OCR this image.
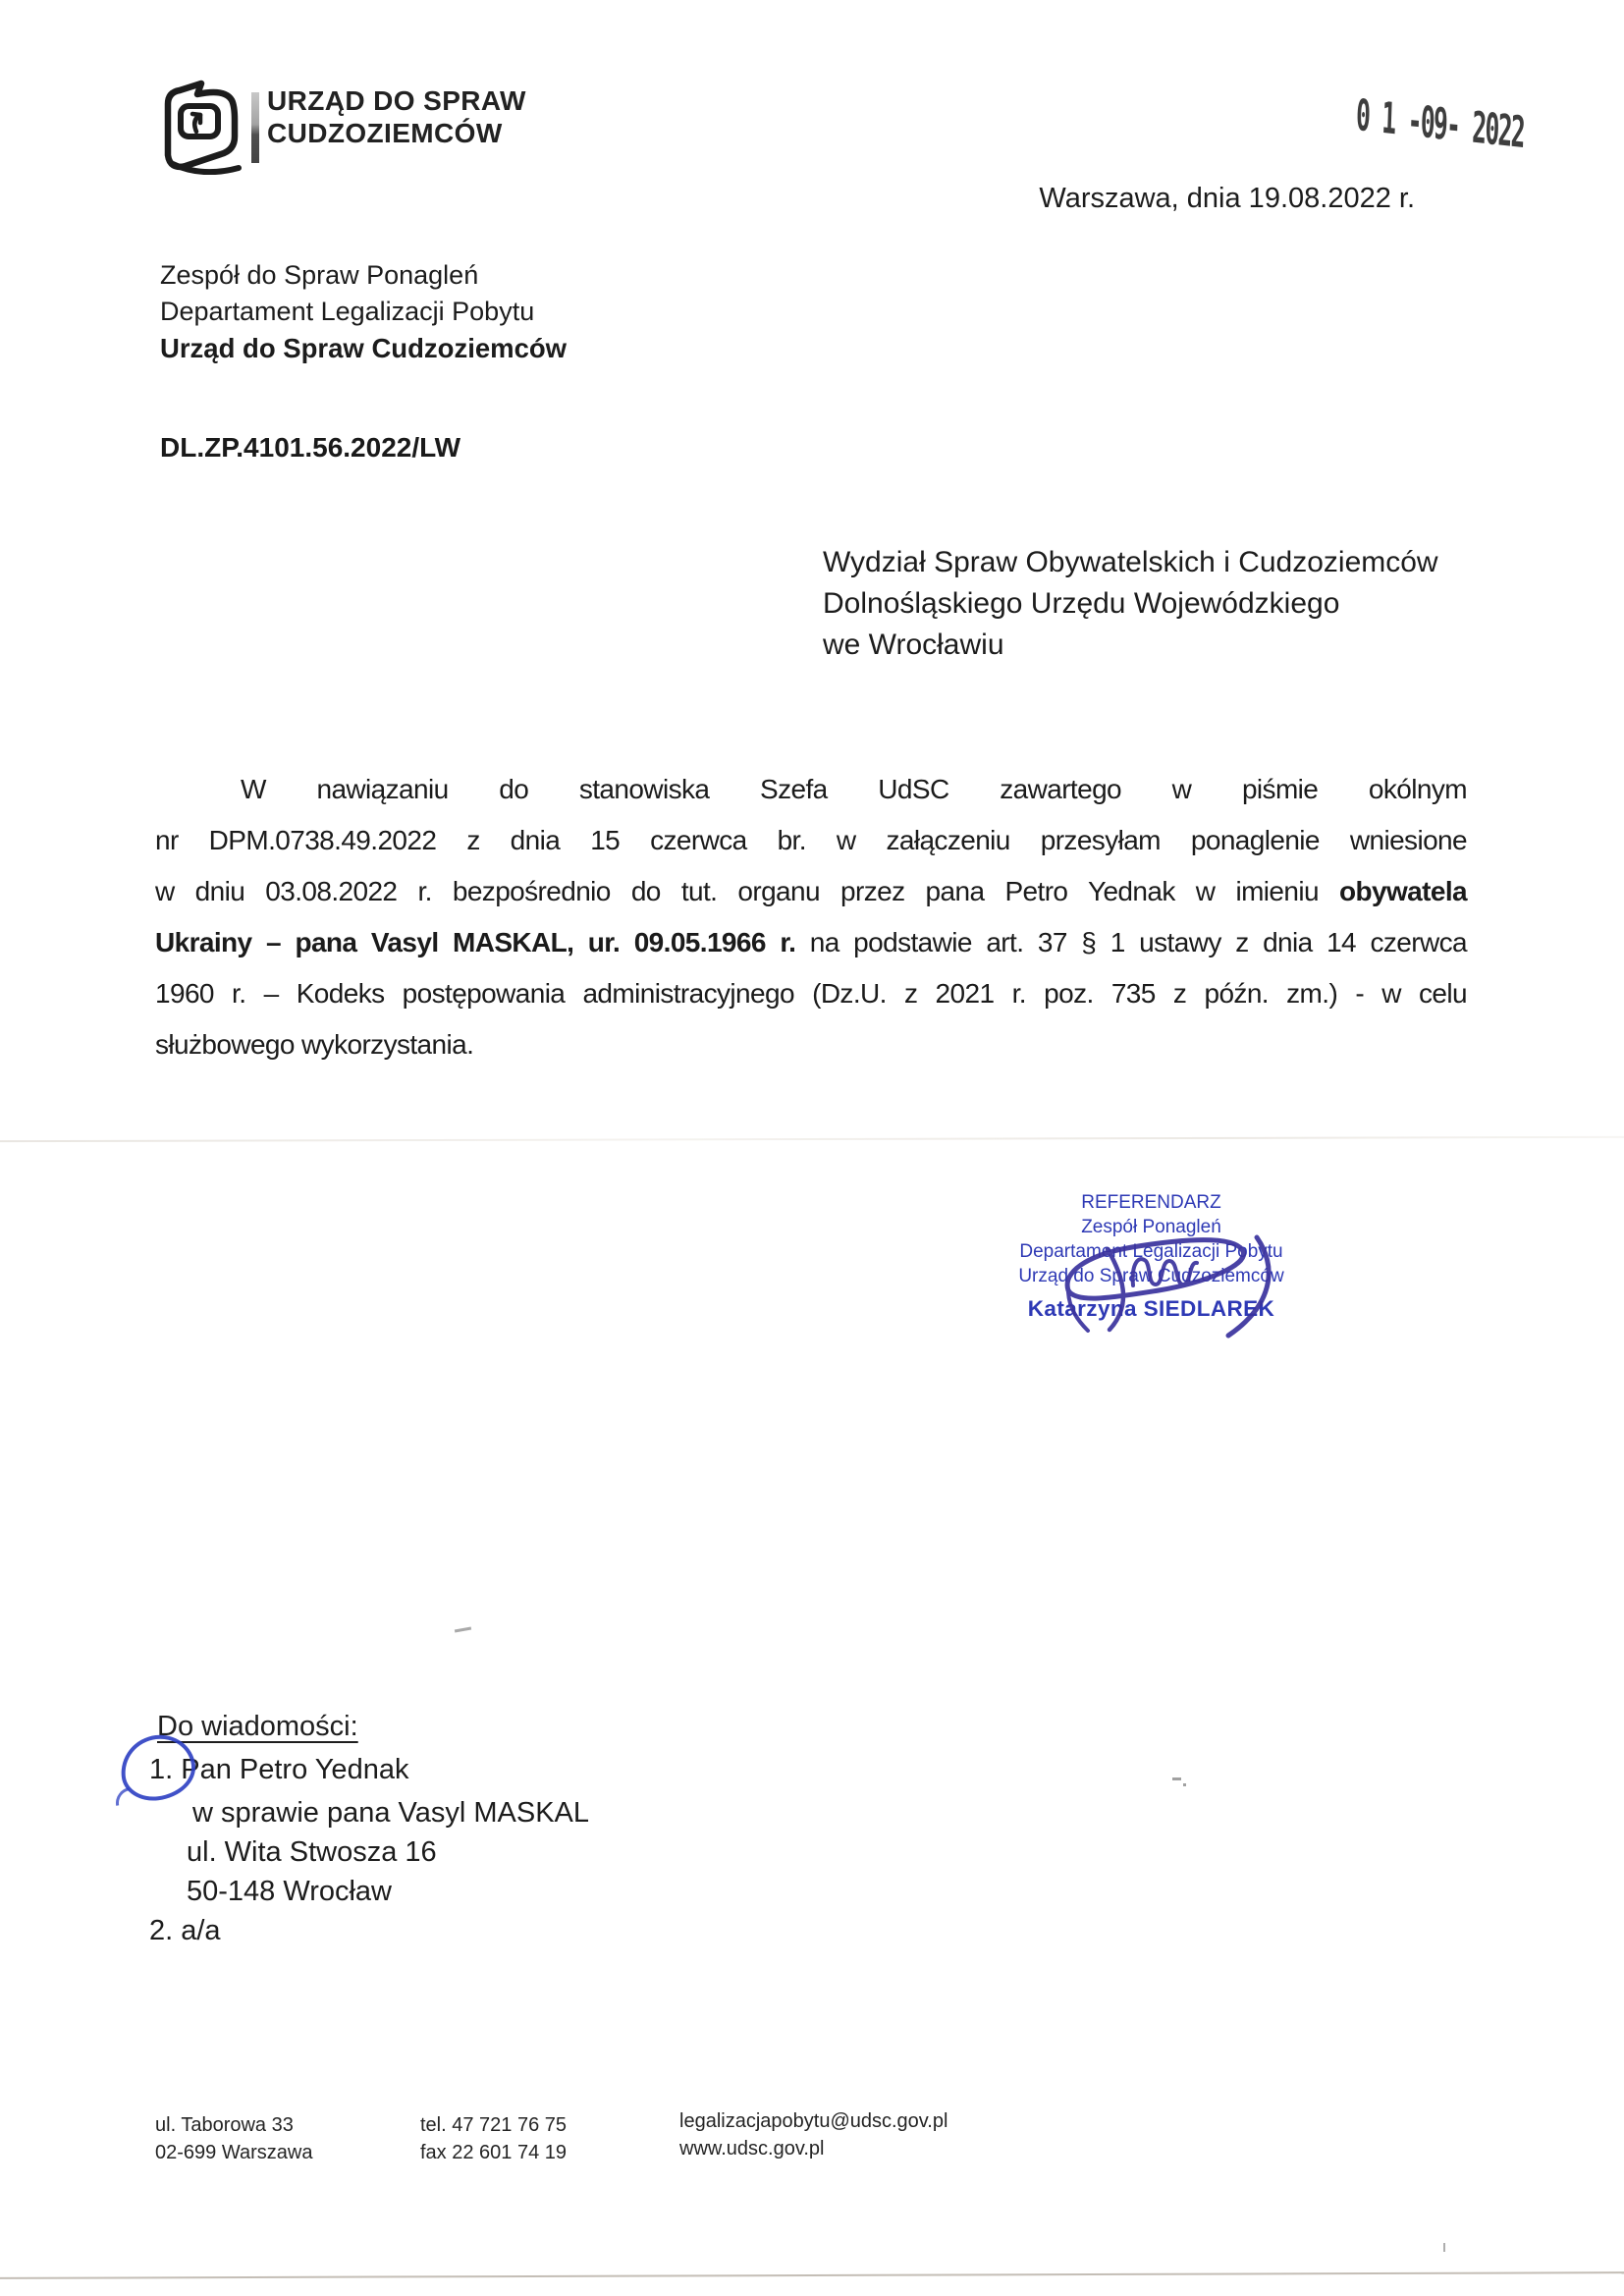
URZĄD DO SPRAW
CUDZOZIEMCÓW	0 1 -09- 2022
Warszawa, dnia 19.08.2022 r.
Zespół do Spraw Ponagleń
Departament Legalizacji Pobytu
Urząd do Spraw Cudzoziemców
DL.ZP.4101.56.2022/LW
Wydział Spraw Obywatelskich i Cudzoziemców
Dolnośląskiego Urzędu Wojewódzkiego
we Wrocławiu
W nawiązaniu do stanowiska Szefa UdSC zawartego w piśmie okólnym
nr DPM.0738.49.2022 z dnia 15 czerwca br. w załączeniu przesyłam ponaglenie wniesione
w dniu 03.08.2022 r. bezpośrednio do tut. organu przez pana Petro Yednak w imieniu obywatela
Ukrainy – pana Vasyl MASKAL, ur. 09.05.1966 r. na podstawie art. 37 § 1 ustawy z dnia 14 czerwca
1960 r. – Kodeks postępowania administracyjnego (Dz.U. z 2021 r. poz. 735 z późn. zm.) - w celu
służbowego wykorzystania.
REFERENDARZ
Zespół Ponagleń
Departament Legalizacji Pobytu
Urząd do Spraw Cudzoziemców
Katarzyna SIEDLAREK
Do wiadomości:
1. Pan Petro Yednak
w sprawie pana Vasyl MASKAL
ul. Wita Stwosza 16
50-148 Wrocław
2. a/a
ul. Taborowa 33
02-699 Warszawa
tel. 47 721 76 75
fax 22 601 74 19
legalizacjapobytu@udsc.gov.pl
www.udsc.gov.pl
